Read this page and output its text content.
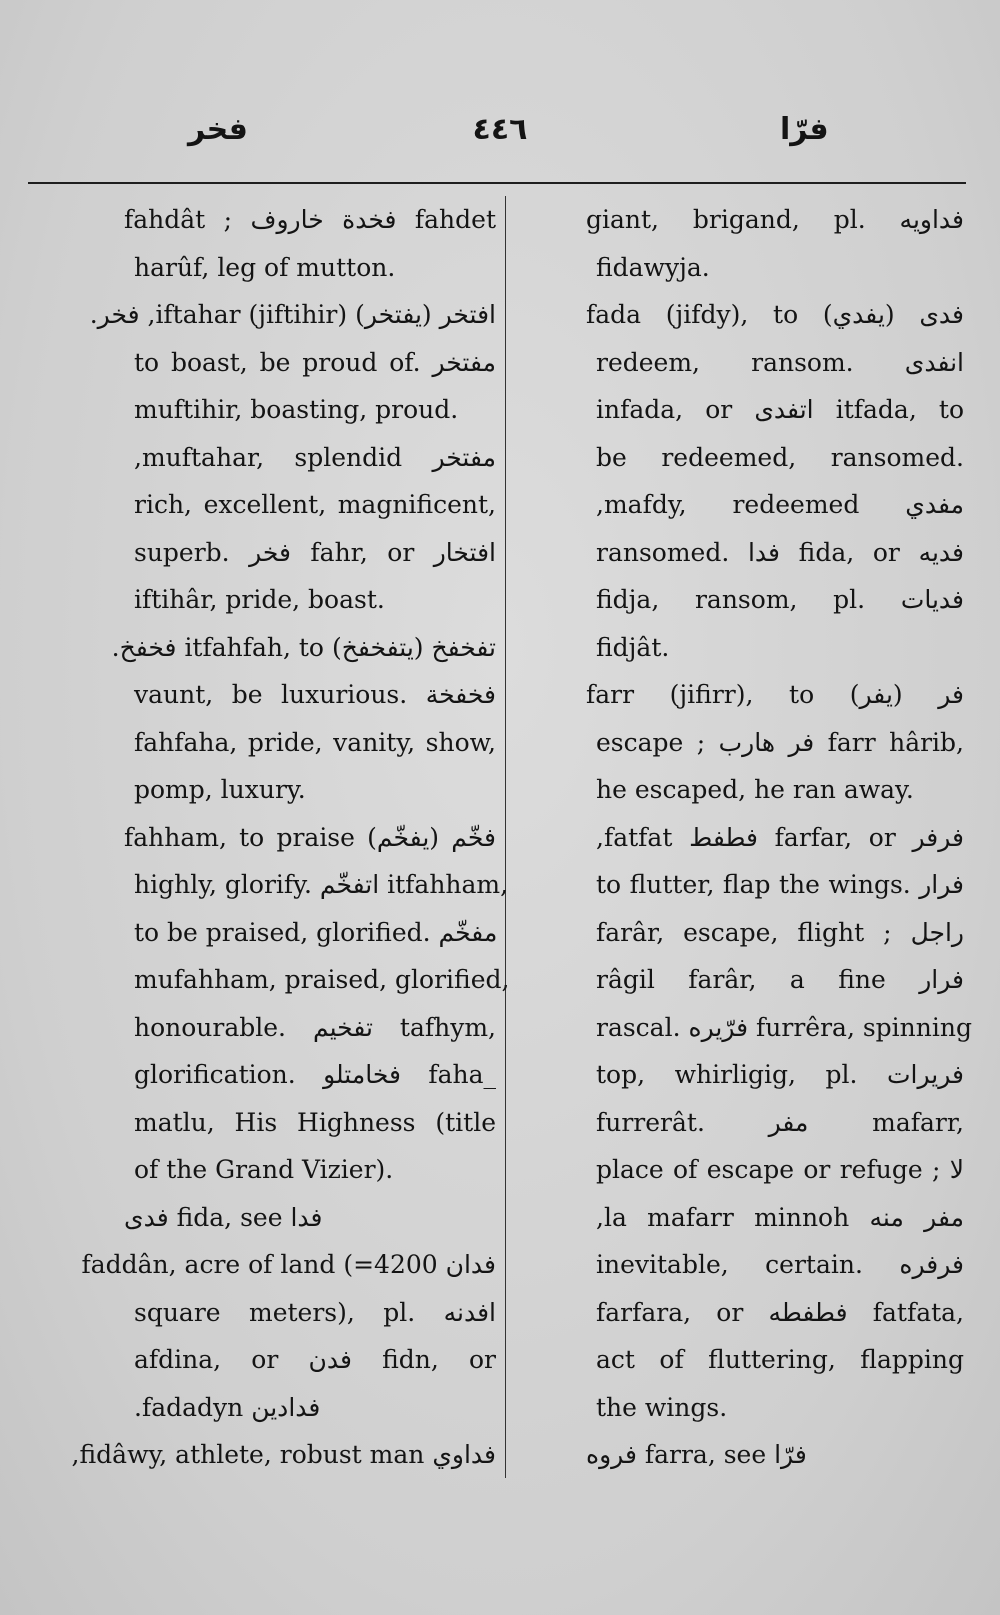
فخر	٤٤٦	فرّا
fahdât ; فخدة خاروف fahdet
harûf, leg of mutton.
افتخر (يفتخر) iftahar (jiftihir), فخر.
to boast, be proud of. مفتخر
muftihir, boasting, proud.
مفتخر muftahar, splendid,
rich, excellent, magnificent,
superb. فخر fahr, or افتخار
iftihâr, pride, boast.
تفخفخ (يتفخفخ) itfahfah, to فخفخ.
vaunt, be luxurious. فخفخة
fahfaha, pride, vanity, show,
pomp, luxury.
فخّم (يفخّم) fahham, to praise
highly, glorify. اتفخّم itfahham,
to be praised, glorified. مفخّم
mufahham, praised, glorified,
honourable. تفخيم tafhym,
glorification. فخامتلو faha_
matlu, His Highness (title
of the Grand Vizier).
فدا fida, see فدى
فدان faddân, acre of land (=4200
square meters), pl. افدنه
afdina, or فدن fidn, or
فدادين fadadyn.
فداوي fidâwy, athlete, robust man,
giant, brigand, pl. فداويه
fidawyja.
فدى (يفدي) fada (jifdy), to
redeem, ransom. انفدى
infada, or اتفدى itfada, to
be redeemed, ransomed.
مفدي mafdy, redeemed,
ransomed. فدا fida, or فديه
fidja, ransom, pl. فديات
fidjât.
فر (يفر) farr (jifirr), to
escape ; فر هارب farr hârib,
he escaped, he ran away.
فرفر farfar, or فطفط fatfat,
to flutter, flap the wings. فرار
farâr, escape, flight ; راجل
فرار râgil farâr, a fine
rascal. فرّيره furrêra, spinning
top, whirligig, pl. فريرات
furrerât. مفر mafarr,
place of escape or refuge ; لا
مفر منه la mafarr minnoh,
inevitable, certain. فرفره
farfara, or فطفطه fatfata,
act of fluttering, flapping
the wings.
فرّا farra, see فروه
